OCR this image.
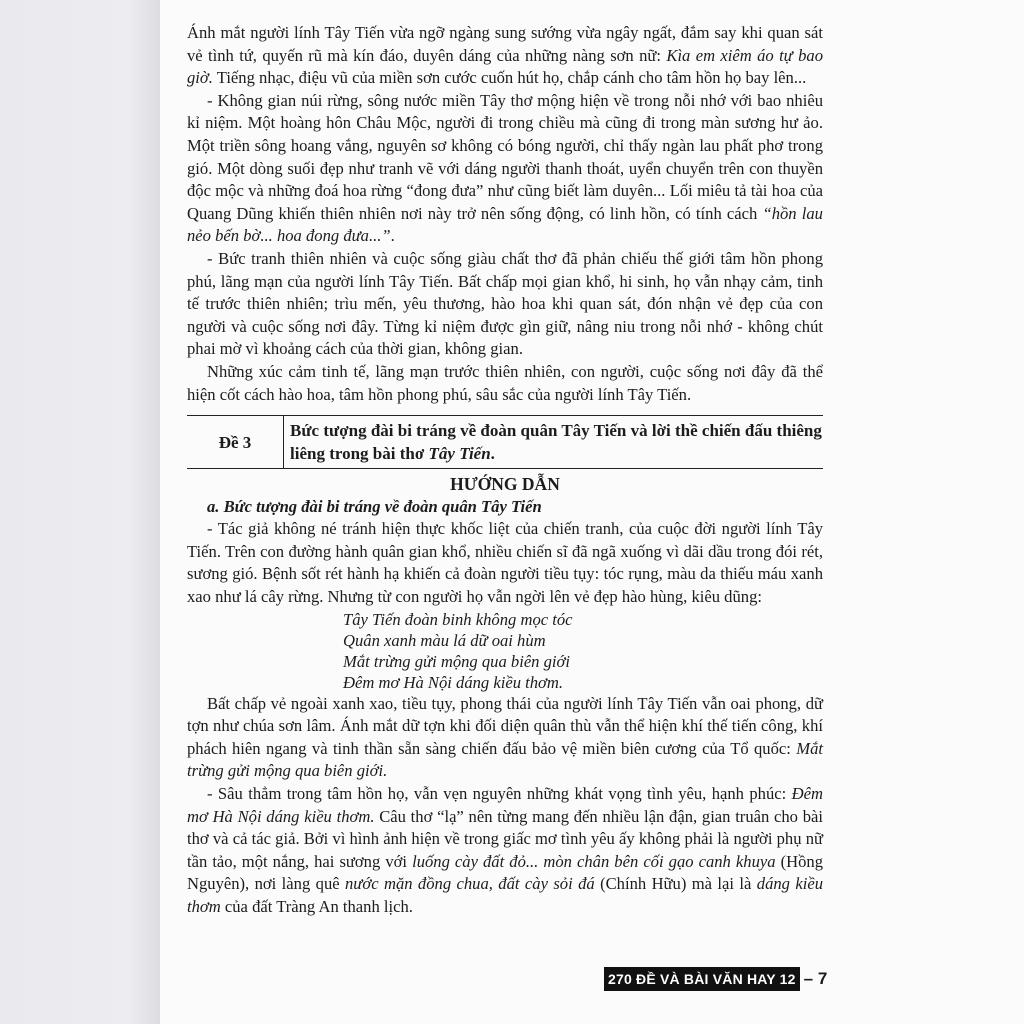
Ánh mắt người lính Tây Tiến vừa ngỡ ngàng sung sướng vừa ngây ngất, đắm say khi quan sát vẻ tình tứ, quyến rũ mà kín đáo, duyên dáng của những nàng sơn nữ: Kìa em xiêm áo tự bao giờ. Tiếng nhạc, điệu vũ của miền sơn cước cuốn hút họ, chắp cánh cho tâm hồn họ bay lên...

- Không gian núi rừng, sông nước miền Tây thơ mộng hiện về trong nỗi nhớ với bao nhiêu kỉ niệm. Một hoàng hôn Châu Mộc, người đi trong chiều mà cũng đi trong màn sương hư ảo. Một triền sông hoang vắng, nguyên sơ không có bóng người, chỉ thấy ngàn lau phất phơ trong gió. Một dòng suối đẹp như tranh vẽ với dáng người thanh thoát, uyển chuyển trên con thuyền độc mộc và những đoá hoa rừng “đong đưa” như cũng biết làm duyên... Lối miêu tả tài hoa của Quang Dũng khiến thiên nhiên nơi này trở nên sống động, có linh hồn, có tính cách “hồn lau nẻo bến bờ... hoa đong đưa...”.

- Bức tranh thiên nhiên và cuộc sống giàu chất thơ đã phản chiếu thế giới tâm hồn phong phú, lãng mạn của người lính Tây Tiến. Bất chấp mọi gian khổ, hi sinh, họ vẫn nhạy cảm, tinh tế trước thiên nhiên; trìu mến, yêu thương, hào hoa khi quan sát, đón nhận vẻ đẹp của con người và cuộc sống nơi đây. Từng kỉ niệm được gìn giữ, nâng niu trong nỗi nhớ - không chút phai mờ vì khoảng cách của thời gian, không gian.

Những xúc cảm tinh tế, lãng mạn trước thiên nhiên, con người, cuộc sống nơi đây đã thể hiện cốt cách hào hoa, tâm hồn phong phú, sâu sắc của người lính Tây Tiến.

Đề 3
Bức tượng đài bi tráng về đoàn quân Tây Tiến và lời thề chiến đấu thiêng liêng trong bài thơ Tây Tiến.
HƯỚNG DẪN

a. Bức tượng đài bi tráng về đoàn quân Tây Tiến

- Tác giả không né tránh hiện thực khốc liệt của chiến tranh, của cuộc đời người lính Tây Tiến. Trên con đường hành quân gian khổ, nhiều chiến sĩ đã ngã xuống vì dãi dầu trong đói rét, sương gió. Bệnh sốt rét hành hạ khiến cả đoàn người tiều tụy: tóc rụng, màu da thiếu máu xanh xao như lá cây rừng. Nhưng từ con người họ vẫn ngời lên vẻ đẹp hào hùng, kiêu dũng:

Tây Tiến đoàn binh không mọc tóc
Quân xanh màu lá dữ oai hùm
Mắt trừng gửi mộng qua biên giới
Đêm mơ Hà Nội dáng kiều thơm.

Bất chấp vẻ ngoài xanh xao, tiều tụy, phong thái của người lính Tây Tiến vẫn oai phong, dữ tợn như chúa sơn lâm. Ánh mắt dữ tợn khi đối diện quân thù vẫn thể hiện khí thế tiến công, khí phách hiên ngang và tinh thần sẵn sàng chiến đấu bảo vệ miền biên cương của Tổ quốc: Mắt trừng gửi mộng qua biên giới.

- Sâu thẳm trong tâm hồn họ, vẫn vẹn nguyên những khát vọng tình yêu, hạnh phúc: Đêm mơ Hà Nội dáng kiều thơm. Câu thơ “lạ” nên từng mang đến nhiều lận đận, gian truân cho bài thơ và cả tác giả. Bởi vì hình ảnh hiện về trong giấc mơ tình yêu ấy không phải là người phụ nữ tần tảo, một nắng, hai sương với luống cày đất đỏ... mòn chân bên cối gạo canh khuya (Hồng Nguyên), nơi làng quê nước mặn đồng chua, đất cày sỏi đá (Chính Hữu) mà lại là dáng kiều thơm của đất Tràng An thanh lịch.

270 ĐỀ VÀ BÀI VĂN HAY 12 – 7
